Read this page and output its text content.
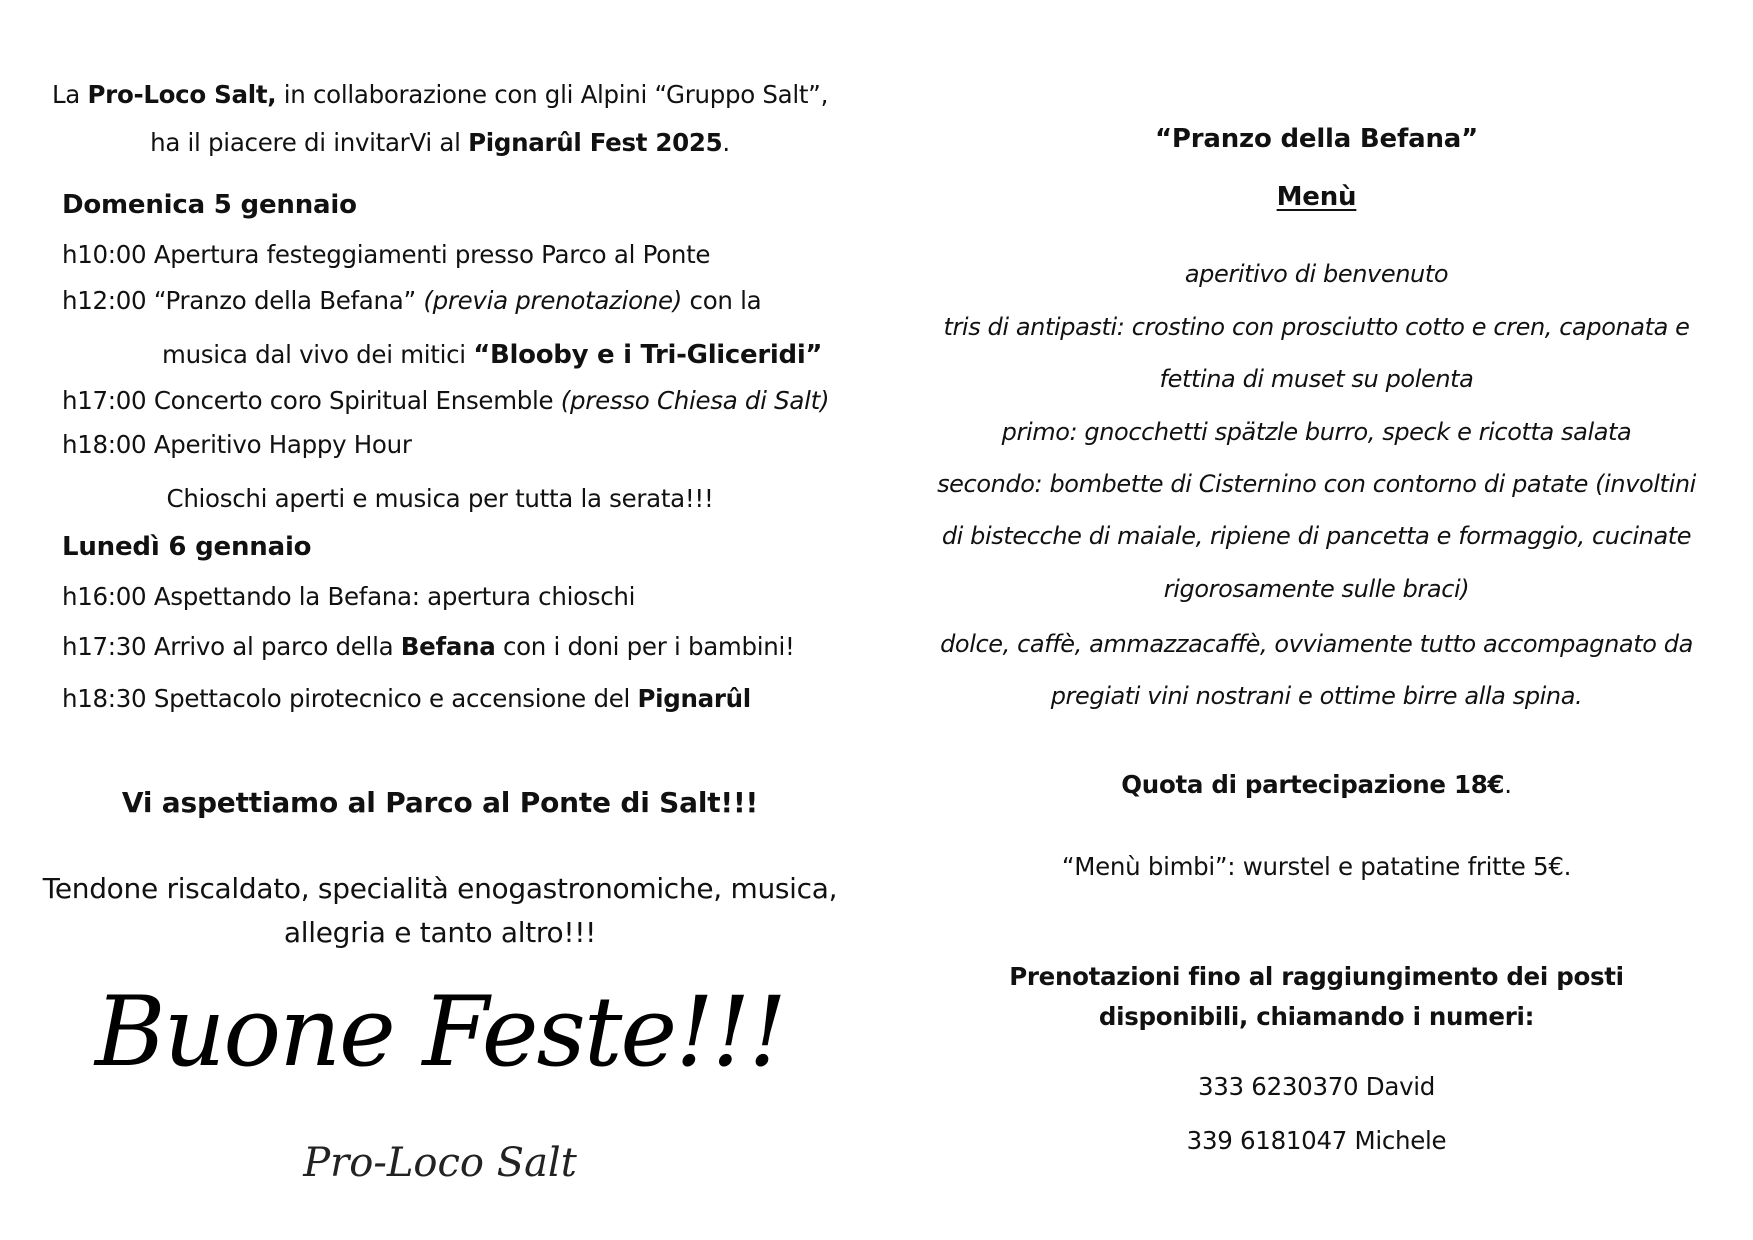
La Pro-Loco Salt, in collaborazione con gli Alpini “Gruppo Salt”,
ha il piacere di invitarVi al Pignarûl Fest 2025.
Domenica 5 gennaio
h10:00 Apertura festeggiamenti presso Parco al Ponte
h12:00 “Pranzo della Befana” (previa prenotazione) con la
musica dal vivo dei mitici “Blooby e i Tri-Gliceridi”
h17:00 Concerto coro Spiritual Ensemble (presso Chiesa di Salt)
h18:00 Aperitivo Happy Hour
Chioschi aperti e musica per tutta la serata!!!
Lunedì 6 gennaio
h16:00 Aspettando la Befana: apertura chioschi
h17:30 Arrivo al parco della Befana con i doni per i bambini!
h18:30 Spettacolo pirotecnico e accensione del Pignarûl
Vi aspettiamo al Parco al Ponte di Salt!!!
Tendone riscaldato, specialità enogastronomiche, musica,
allegria e tanto altro!!!
Buone Feste!!!
Pro-Loco Salt
“Pranzo della Befana”
Menù
aperitivo di benvenuto
tris di antipasti: crostino con prosciutto cotto e cren, caponata e
fettina di muset su polenta
primo: gnocchetti spätzle burro, speck e ricotta salata
secondo: bombette di Cisternino con contorno di patate (involtini
di bistecche di maiale, ripiene di pancetta e formaggio, cucinate
rigorosamente sulle braci)
dolce, caffè, ammazzacaffè, ovviamente tutto accompagnato da
pregiati vini nostrani e ottime birre alla spina.
Quota di partecipazione 18€.
“Menù bimbi”: wurstel e patatine fritte 5€.
Prenotazioni fino al raggiungimento dei posti
disponibili, chiamando i numeri:
333 6230370 David
339 6181047 Michele
